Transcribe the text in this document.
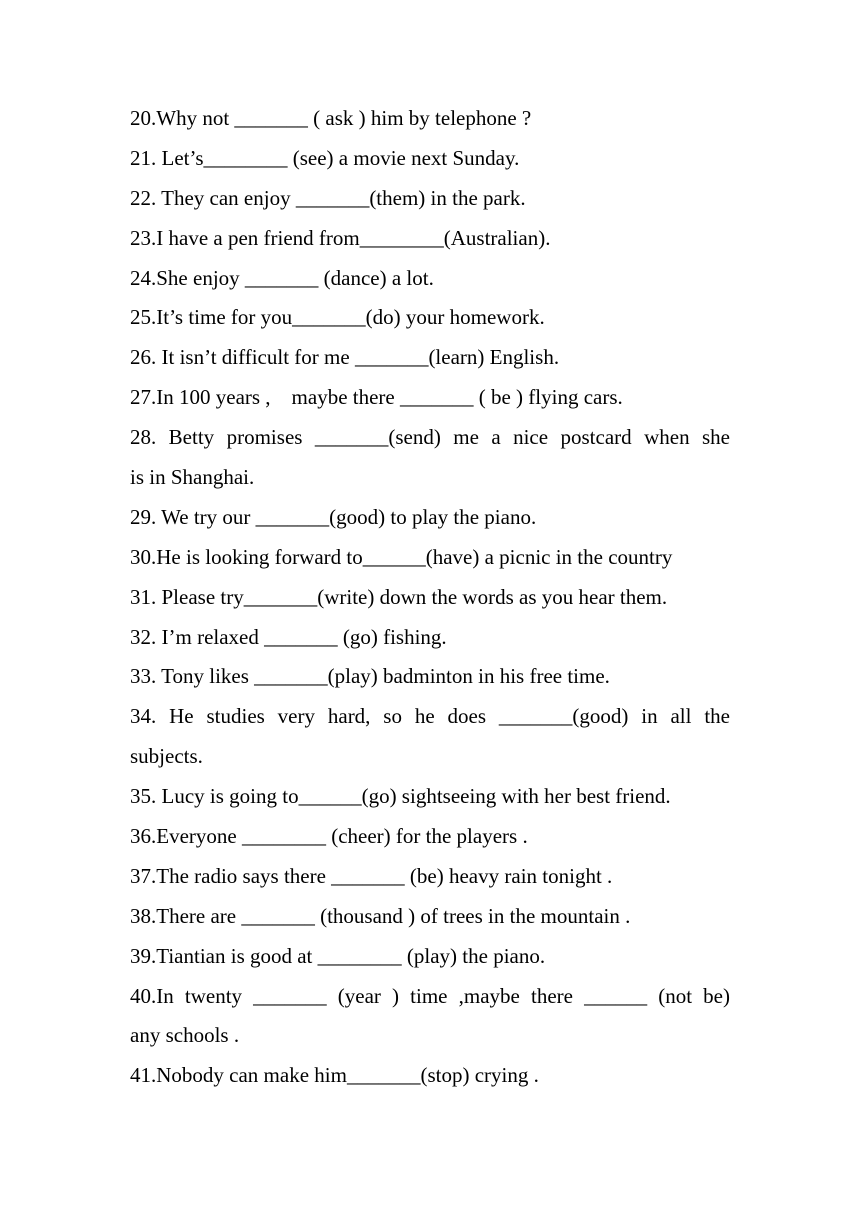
20.Why not _______ ( ask ) him by telephone ?
21. Let’s________ (see) a movie next Sunday.
22. They can enjoy _______(them) in the park.
23.I have a pen friend from________(Australian).
24.She enjoy _______ (dance) a lot.
25.It’s time for you_______(do) your homework.
26. It isn’t difficult for me _______(learn) English.
27.In 100 years ,    maybe there _______ ( be ) flying cars.
28. Betty promises _______(send) me a nice postcard when she
is in Shanghai.
29. We try our _______(good) to play the piano.
30.He is looking forward to______(have) a picnic in the country
31. Please try_______(write) down the words as you hear them.
32. I’m relaxed _______ (go) fishing.
33. Tony likes _______(play) badminton in his free time.
34. He studies very hard, so he does _______(good) in all the
subjects.
35. Lucy is going to______(go) sightseeing with her best friend.
36.Everyone ________ (cheer) for the players .
37.The radio says there _______ (be) heavy rain tonight .
38.There are _______ (thousand ) of trees in the mountain .
39.Tiantian is good at ________ (play) the piano.
40.In twenty _______ (year ) time ,maybe there ______ (not be)
any schools .
41.Nobody can make him_______(stop) crying .
